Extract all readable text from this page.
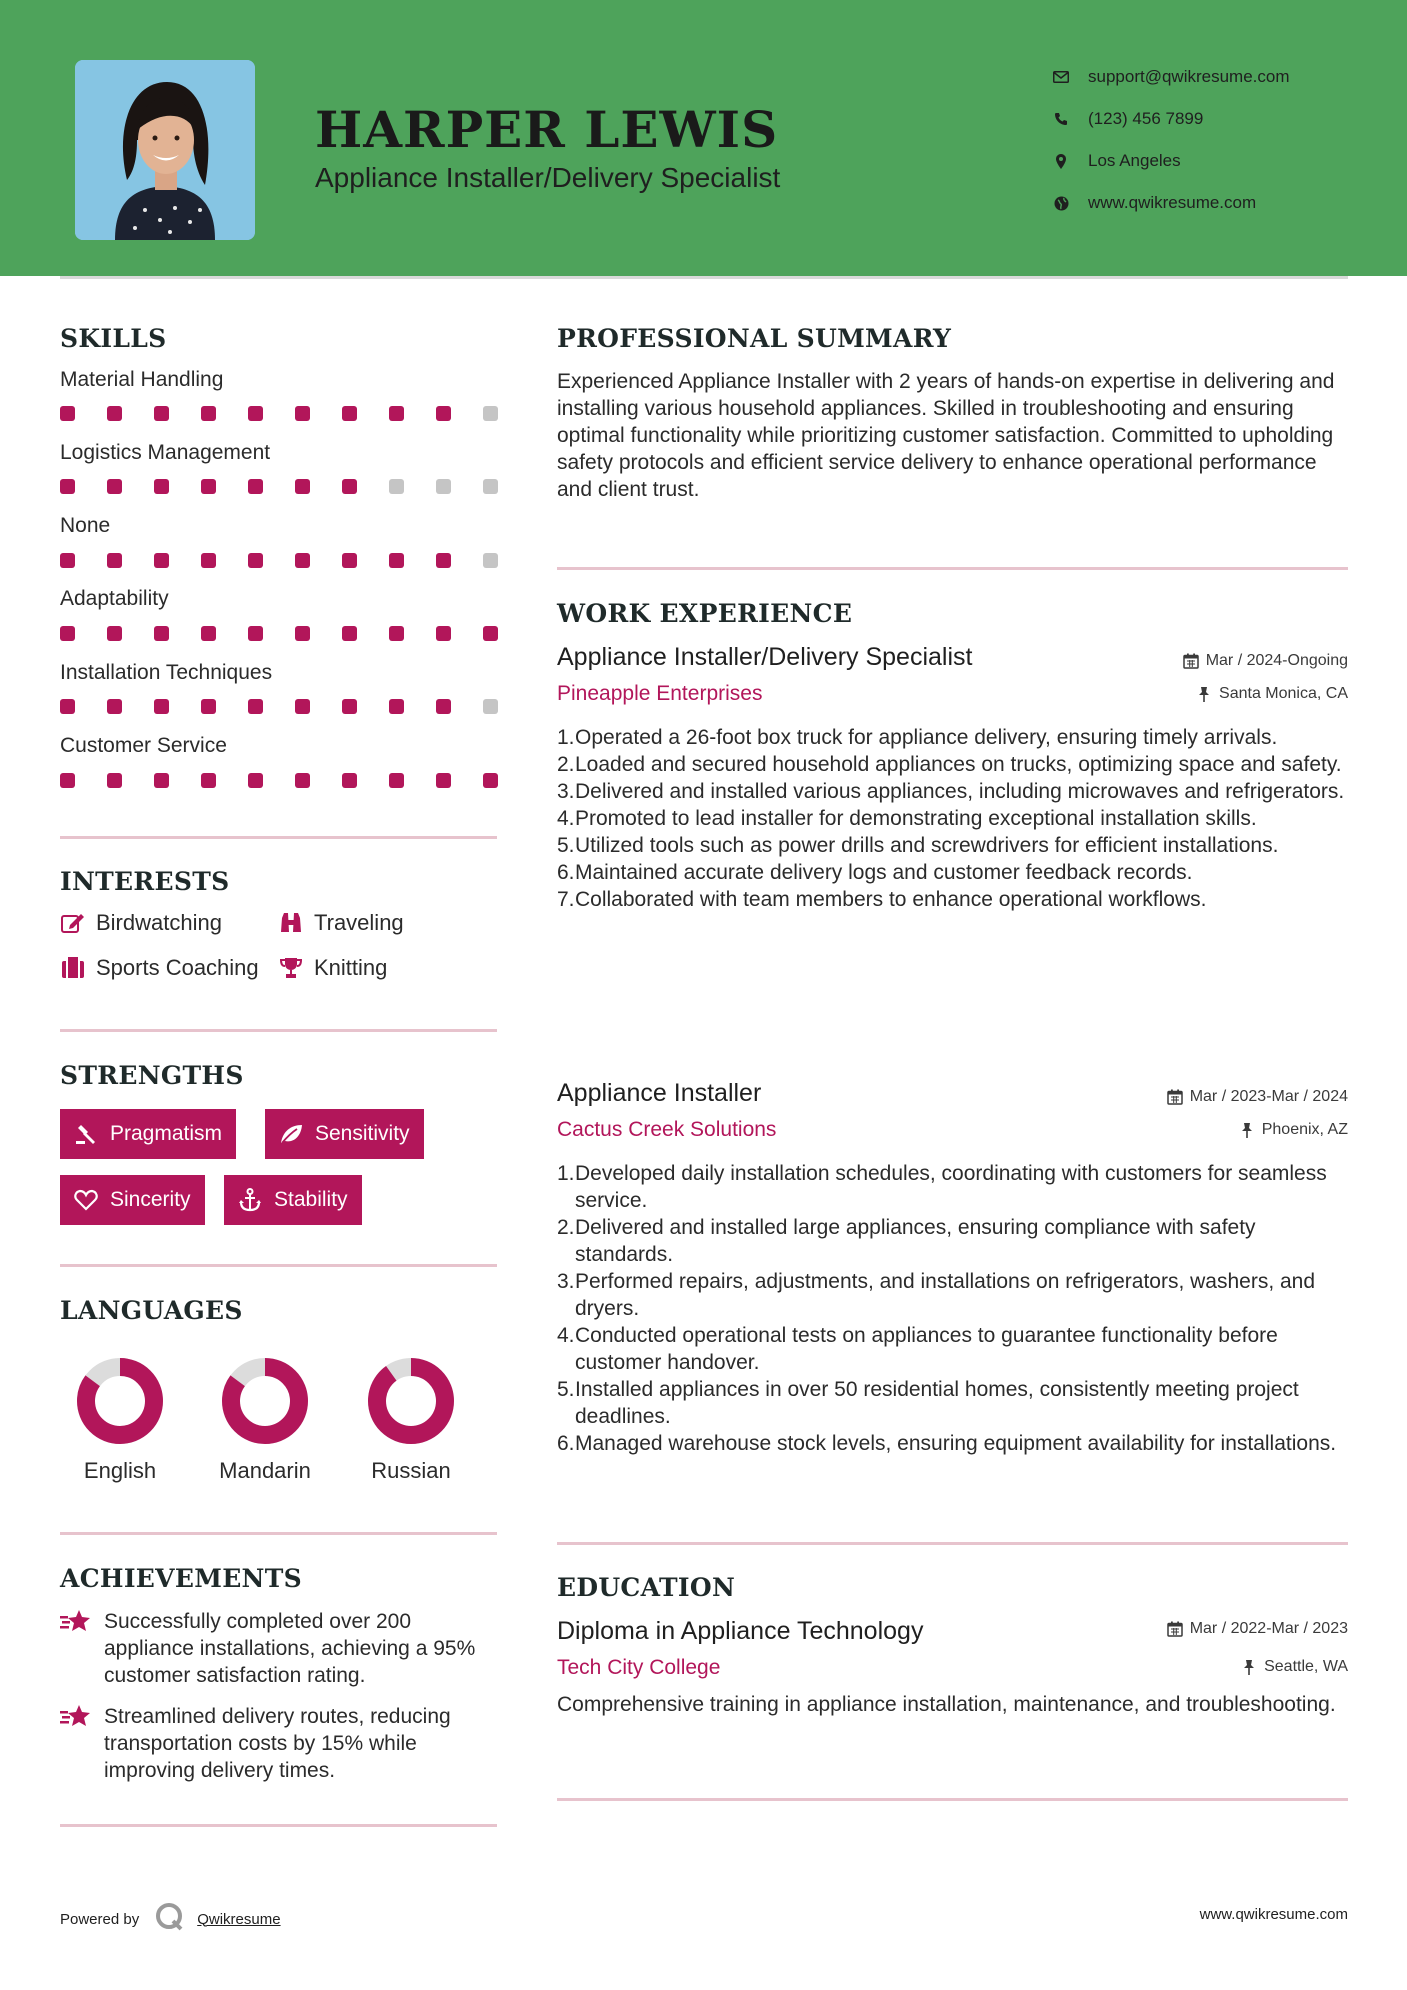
HARPER LEWIS
Appliance Installer/Delivery Specialist
support@qwikresume.com
(123) 456 7899
Los Angeles
www.qwikresume.com
SKILLS
Material Handling
Logistics Management
None
Adaptability
Installation Techniques
Customer Service
INTERESTS
Birdwatching	Traveling
Sports Coaching	Knitting
STRENGTHS
Pragmatism	Sensitivity
Sincerity	Stability
LANGUAGES
English	Mandarin	Russian
ACHIEVEMENTS
Successfully completed over 200 appliance installations, achieving a 95% customer satisfaction rating.
Streamlined delivery routes, reducing transportation costs by 15% while improving delivery times.
PROFESSIONAL SUMMARY
Experienced Appliance Installer with 2 years of hands-on expertise in delivering and installing various household appliances. Skilled in troubleshooting and ensuring optimal functionality while prioritizing customer satisfaction. Committed to upholding safety protocols and efficient service delivery to enhance operational performance and client trust.
WORK EXPERIENCE
Appliance Installer/Delivery Specialist	Mar / 2024-Ongoing
Pineapple Enterprises	Santa Monica, CA
1. Operated a 26-foot box truck for appliance delivery, ensuring timely arrivals.
2. Loaded and secured household appliances on trucks, optimizing space and safety.
3. Delivered and installed various appliances, including microwaves and refrigerators.
4. Promoted to lead installer for demonstrating exceptional installation skills.
5. Utilized tools such as power drills and screwdrivers for efficient installations.
6. Maintained accurate delivery logs and customer feedback records.
7. Collaborated with team members to enhance operational workflows.
Appliance Installer	Mar / 2023-Mar / 2024
Cactus Creek Solutions	Phoenix, AZ
1. Developed daily installation schedules, coordinating with customers for seamless service.
2. Delivered and installed large appliances, ensuring compliance with safety standards.
3. Performed repairs, adjustments, and installations on refrigerators, washers, and dryers.
4. Conducted operational tests on appliances to guarantee functionality before customer handover.
5. Installed appliances in over 50 residential homes, consistently meeting project deadlines.
6. Managed warehouse stock levels, ensuring equipment availability for installations.
EDUCATION
Diploma in Appliance Technology	Mar / 2022-Mar / 2023
Tech City College	Seattle, WA
Comprehensive training in appliance installation, maintenance, and troubleshooting.
Powered by	Qwikresume	www.qwikresume.com
